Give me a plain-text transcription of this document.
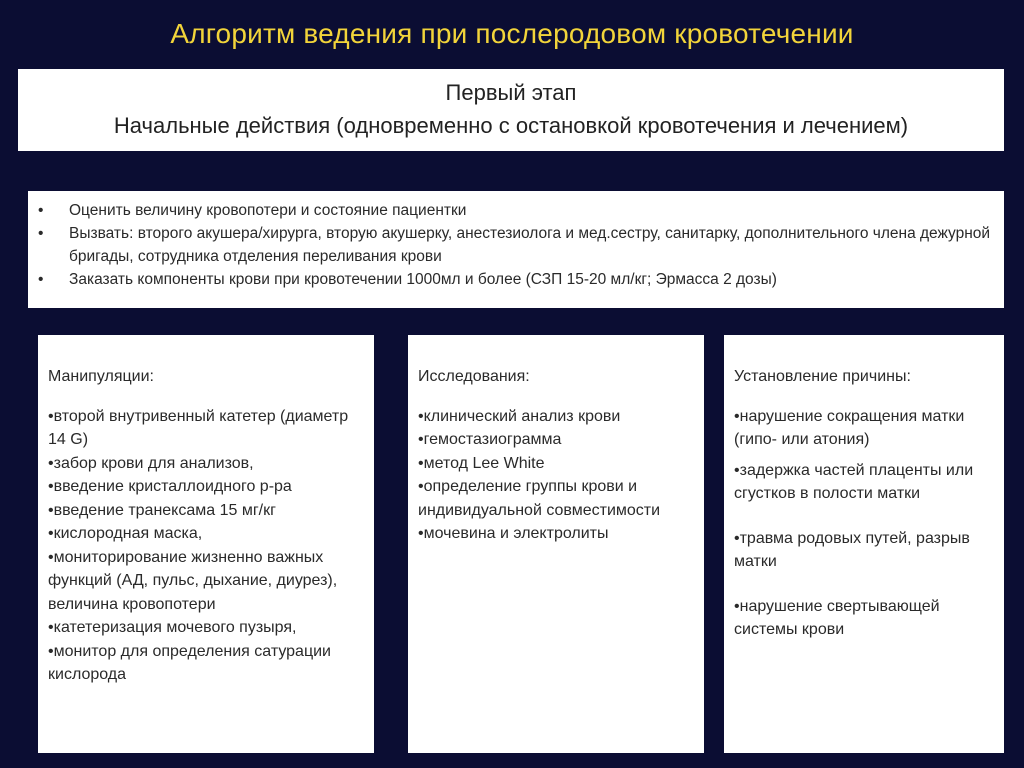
Алгоритм ведения при послеродовом кровотечении
Первый этап
Начальные действия (одновременно с остановкой кровотечения и лечением)
• Оценить величину кровопотери и состояние пациентки
• Вызвать: второго акушера/хирурга, вторую акушерку, анестезиолога и мед.сестру, санитарку, дополнительного члена дежурной бригады, сотрудника отделения переливания крови
• Заказать компоненты крови при кровотечении 1000мл и более (СЗП 15-20 мл/кг; Эрмасса 2 дозы)
Манипуляции:
•второй внутривенный катетер (диаметр 14 G)
•забор крови для анализов,
•введение кристаллоидного р-ра
•введение транексама 15 мг/кг
•кислородная маска,
•мониторирование жизненно важных функций (АД, пульс, дыхание, диурез), величина кровопотери
•катетеризация мочевого пузыря,
•монитор для определения сатурации кислорода
Исследования:
•клинический анализ крови
•гемостазиограмма
•метод Lee White
•определение группы крови и индивидуальной совместимости
•мочевина и электролиты
Установление причины:
•нарушение сокращения матки (гипо- или атония)
•задержка частей плаценты или сгустков в полости матки
•травма родовых путей, разрыв матки
•нарушение свертывающей системы крови
